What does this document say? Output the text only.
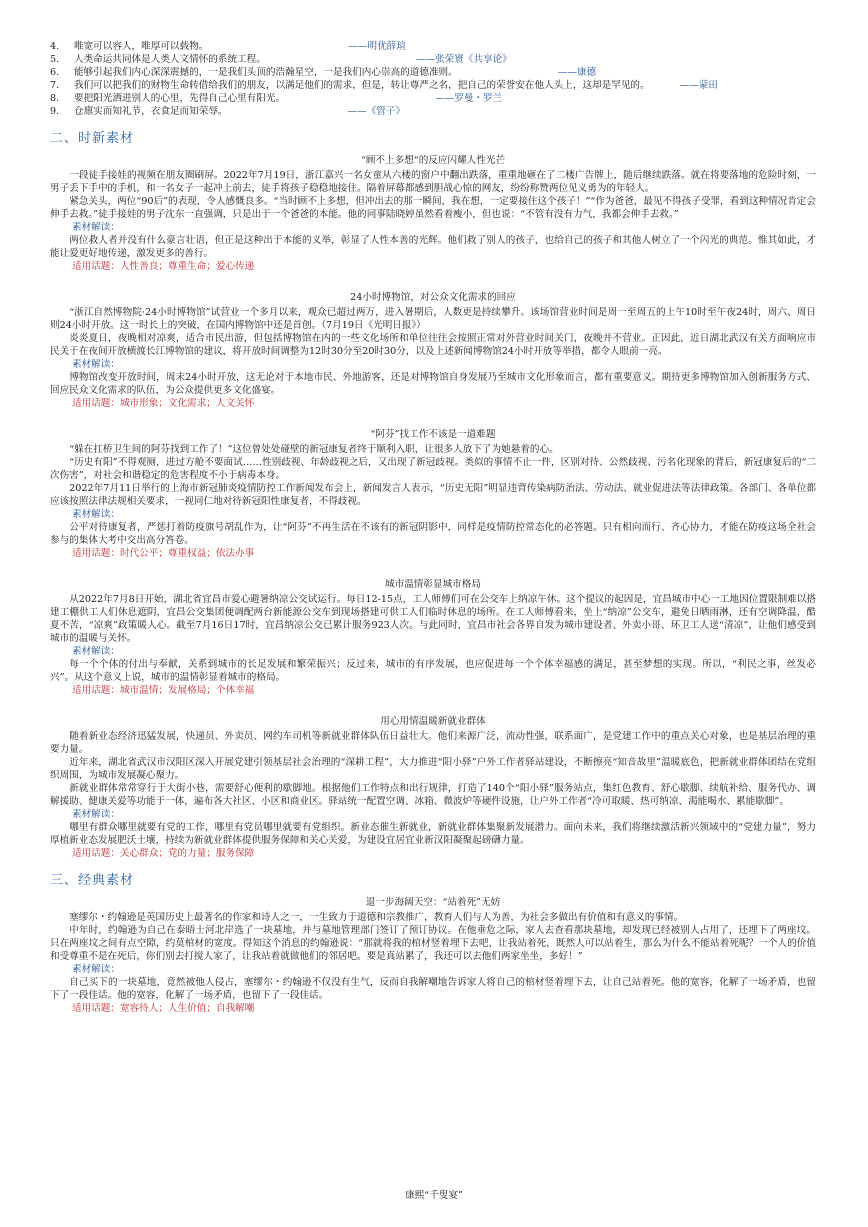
4. 唯宽可以容人，唯厚可以载物。	——明优薛瑄
5. 人类命运共同体是人类人文情怀的系统工程。	——张荣寰《共享论》
6. 能够引起我们内心深深震撼的，一是我们头顶的浩瀚星空，一是我们内心崇高的道德准则。	——康德
7. 我们可以把我们的财物生命转借给我们的朋友，以满足他们的需求，但是，转让尊严之名，把自己的荣誉安在他人头上，这却是罕见的。	——蒙田
8. 要把阳光洒进别人的心里，先得自己心里有阳光。	——罗曼・罗兰
9. 仓廪实而知礼节，衣食足而知荣辱。	——《管子》
二、时新素材
“顾不上多想“的反应闪耀人性光芒

一段徒手接娃的视频在朋友圈刷屏。2022年7月19日，浙江嘉兴一名女童从六楼的窗户中翻出跌落，重重地砸在了二楼广告牌上，随后继续跌落。就在将要落地的危险时刻，一男子丢下手中的手机，和一名女子一起冲上前去，徒手将孩子稳稳地接住。隔着屏幕都感到胆战心惊的网友，纷纷称赞两位见义勇为的年轻人。

紧急关头，两位“90后”的表现，令人感慨良多。“当时顾不上多想，但冲出去的那一瞬间，我在想，一定要接住这个孩子！”“作为爸爸，最见不得孩子受罪，看到这种情况肯定会伸手去救。”徒手接娃的男子沈东一直强调，只是出于一个爸爸的本能。他的同事陆晓婷虽然看着瘦小，但也说：“不管有没有力气，我都会伸手去救。”

素材解读：

两位救人者并没有什么豪言壮语，但正是这种出于本能的义举，彰显了人性本善的光辉。他们救了别人的孩子，也给自己的孩子和其他人树立了一个闪光的典范。惟其如此，才能让爱更好地传递，激发更多的善行。

适用话题：人性善良；尊重生命；爱心传递
24小时博物馆，对公众文化需求的回应

“浙江自然博物院·24小时博物馆”试营业一个多月以来，观众已超过两万，进入暑期后，人数更是持续攀升。该场馆营业时间是周一至周五的上午10时至午夜24时，周六、周日则24小时开放。这一时长上的突破，在国内博物馆中还是首创。（7月19日《光明日报》）

炎炎夏日，夜晚相对凉爽，适合市民出游，但包括博物馆在内的一些文化场所和单位往往会按照正常对外营业时间关门，夜晚并不营业。正因此，近日湖北武汉有关方面响应市民关于在夜间开放横渡长江博物馆的建议，将开放时间调整为12时30分至20时30分，以及上述新闻博物馆24小时开放等举措，都令人眼前一亮。

素材解读：

博物馆改变开放时间，周末24小时开放，这无论对于本地市民、外地游客，还是对博物馆自身发展乃至城市文化形象而言，都有重要意义。期待更多博物馆加入创新服务方式、回应民众文化需求的队伍，为公众提供更多文化盛宴。

适用话题：城市形象；文化需求；人文关怀
“阿芬”找工作不该是一道难题

“躲在扛桥卫生间的阿芬找到工作了！”这位曾处处碰壁的新冠康复者终于顺利入职，让很多人放下了为她悬着的心。

“历史有阳”不得观厕，进过方舱不要面试……性别歧视、年龄歧视之后，又出现了新冠歧视。类似的事情不止一件，区别对待、公然歧视、污名化现象的背后，新冠康复后的“二次伤害”，对社会和谐稳定的危害程度不小于病毒本身。

2022年7月11日举行的上海市新冠肺炎疫情防控工作新闻发布会上，新闻发言人表示，“历史无阳”明显违背传染病防治法、劳动法、就业促进法等法律政策。各部门、各单位都应该按照法律法规相关要求，一视同仁地对待新冠阳性康复者，不得歧视。

素材解读：

公平对待康复者，严惩打着防疫旗号胡乱作为，让“阿芬”不再生活在不该有的新冠阴影中，同样是疫情防控常态化的必答题。只有相向而行、齐心协力，才能在防疫这场全社会参与的集体大考中交出高分答卷。

适用话题：时代公平；尊重权益；依法办事
城市温情彰显城市格局

从2022年7月8日开始，湖北省宜昌市爱心避暑纳凉公交试运行。每日12-15点，工人师傅们可在公交车上纳凉午休。这个提议的起因是，宜昌城市中心一工地因位置限制难以搭建工棚供工人们休息遮阴，宜昌公交集团便调配两台新能源公交车到现场搭建可供工人们临时休息的场所。在工人师傅看来，坐上“纳凉”公交车，避免日晒雨淋，还有空调降温，酷夏不苦，“凉爽”政策暖人心。截至7月16日17时，宜昌纳凉公交已累计服务923人次。与此同时，宜昌市社会各界自发为城市建设者、外卖小哥、环卫工人送“清凉”，让他们感受到城市的温暖与关怀。

素材解读：

每一个个体的付出与奉献，关系到城市的长足发展和繁荣振兴；反过来，城市的有序发展，也应促进每一个个体幸福感的满足，甚至梦想的实现。所以，“利民之事，丝发必兴”。从这个意义上说，城市的温情彰显着城市的格局。

适用话题：城市温情；发展格局；个体幸福
用心用情温暖新就业群体

随着新业态经济迅猛发展，快递员、外卖员、网约车司机等新就业群体队伍日益壮大。他们来源广泛，流动性强，联系面广，是党建工作中的重点关心对象，也是基层治理的重要力量。

近年来，湖北省武汉市汉阳区深入开展党建引领基层社会治理的“深耕工程”，大力推进“阳小驿”户外工作者驿站建设，不断擦亮“知音故里”温暖底色，把新就业群体团结在党组织周围，为城市发展凝心聚力。

新就业群体常常穿行于大街小巷，需要舒心便利的歇脚地。根据他们工作特点和出行规律，打造了140个“阳小驿”服务站点，集红色教育、舒心歇脚、续航补给、服务代办、调解援助、健康关爱等功能于一体，遍布各大社区、小区和商业区。驿站统一配置空调、冰箱、微波炉等硬件设施，让户外工作者“冷可取暖、热可纳凉、渴能喝水、累能歇脚”。

素材解读：

哪里有群众哪里就要有党的工作，哪里有党员哪里就要有党组织。新业态催生新就业，新就业群体集聚新发展潜力。面向未来，我们将继续激活新兴领域中的“党建力量”，努力厚植新业态发展肥沃土壤，持续为新就业群体提供服务保障和关心关爱，为建设宜居宜业新汉阳凝聚起磅礴力量。

适用话题：关心群众；党的力量；服务保障
三、经典素材
退一步海阔天空：“站着死”无妨

塞缪尔・约翰逊是英国历史上最著名的作家和诗人之一，一生致力于道德和宗教推广，教育人们与人为善，为社会多做出有价值和有意义的事情。

中年时，约翰逊为自己在泰晤士河北岸选了一块墓地，并与墓地管理部门签订了预订协议。在他垂危之际，家人去查看那块墓地，却发现已经被别人占用了，还埋下了两座坟。只在两座坟之间有点空隙，约莫棺材的宽度。得知这个消息的约翰逊说：“那就将我的棺材竖着埋下去吧，让我站着死，既然人可以站着生，那么为什么不能站着死呢？一个人的价值和受尊重不是在死后，你们别去打搅人家了，让我站着就做他们的邻居吧。要是真站累了，我还可以去他们两家坐坐，多好！”

素材解读：

自己买下的一块墓地，竟然被他人侵占，塞缪尔・约翰逊不仅没有生气，反而自我解嘲地告诉家人将自己的棺材竖着埋下去，让自己站着死。他的宽容，化解了一场矛盾，也留下了一段佳话。他的宽容，化解了一场矛盾，也留下了一段佳话。

适用话题：宽容待人；人生价值；自我解嘲
康熙“千叟宴”
